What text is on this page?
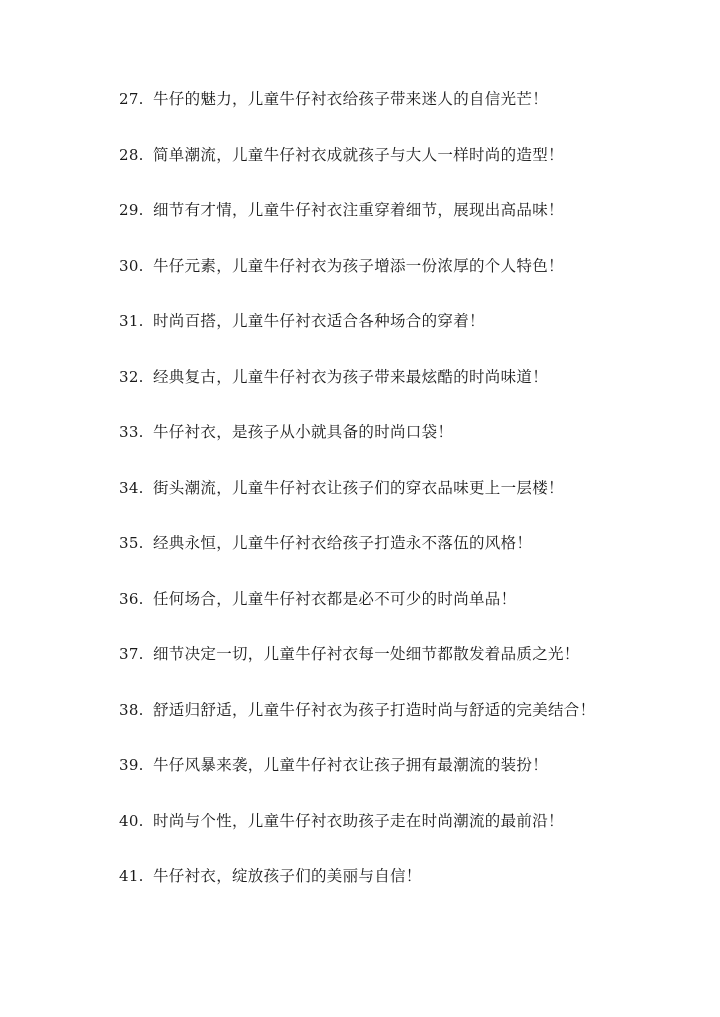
27. 牛仔的魅力，儿童牛仔衬衣给孩子带来迷人的自信光芒！
28. 简单潮流，儿童牛仔衬衣成就孩子与大人一样时尚的造型！
29. 细节有才情，儿童牛仔衬衣注重穿着细节，展现出高品味！
30. 牛仔元素，儿童牛仔衬衣为孩子增添一份浓厚的个人特色！
31. 时尚百搭，儿童牛仔衬衣适合各种场合的穿着！
32. 经典复古，儿童牛仔衬衣为孩子带来最炫酷的时尚味道！
33. 牛仔衬衣，是孩子从小就具备的时尚口袋！
34. 街头潮流，儿童牛仔衬衣让孩子们的穿衣品味更上一层楼！
35. 经典永恒，儿童牛仔衬衣给孩子打造永不落伍的风格！
36. 任何场合，儿童牛仔衬衣都是必不可少的时尚单品！
37. 细节决定一切，儿童牛仔衬衣每一处细节都散发着品质之光！
38. 舒适归舒适，儿童牛仔衬衣为孩子打造时尚与舒适的完美结合！
39. 牛仔风暴来袭，儿童牛仔衬衣让孩子拥有最潮流的装扮！
40. 时尚与个性，儿童牛仔衬衣助孩子走在时尚潮流的最前沿！
41. 牛仔衬衣，绽放孩子们的美丽与自信！
